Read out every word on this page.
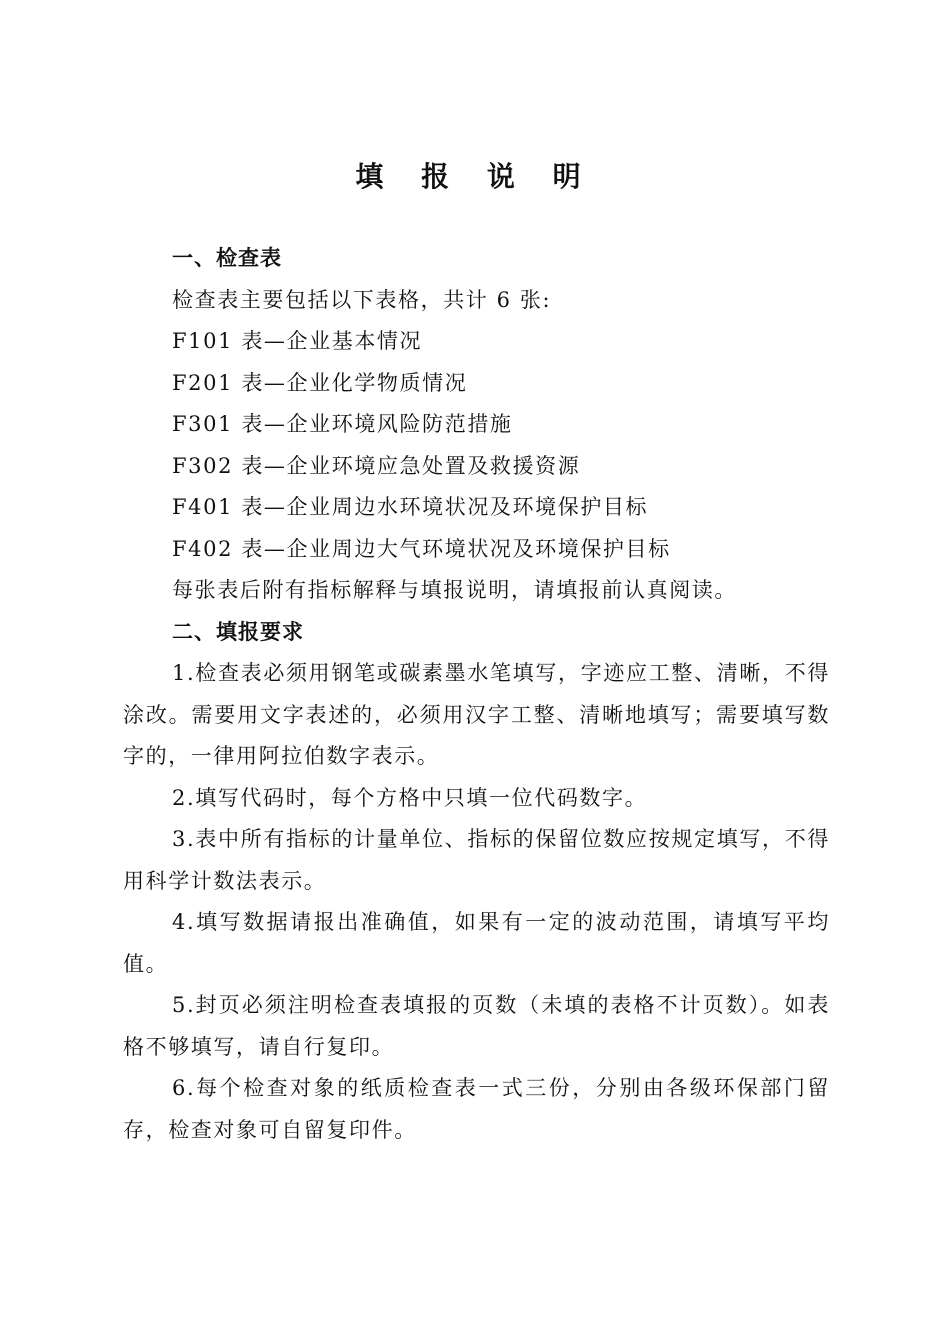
填 报 说 明
一、检查表
检查表主要包括以下表格，共计 6 张:
F101 表—企业基本情况
F201 表—企业化学物质情况
F301 表—企业环境风险防范措施
F302 表—企业环境应急处置及救援资源
F401 表—企业周边水环境状况及环境保护目标
F402 表—企业周边大气环境状况及环境保护目标
每张表后附有指标解释与填报说明，请填报前认真阅读。
二、填报要求
1.检查表必须用钢笔或碳素墨水笔填写，字迹应工整、清晰，不得涂改。需要用文字表述的，必须用汉字工整、清晰地填写；需要填写数字的，一律用阿拉伯数字表示。
2.填写代码时，每个方格中只填一位代码数字。
3.表中所有指标的计量单位、指标的保留位数应按规定填写，不得用科学计数法表示。
4.填写数据请报出准确值，如果有一定的波动范围，请填写平均值。
5.封页必须注明检查表填报的页数（未填的表格不计页数）。如表格不够填写，请自行复印。
6.每个检查对象的纸质检查表一式三份，分别由各级环保部门留存，检查对象可自留复印件。
